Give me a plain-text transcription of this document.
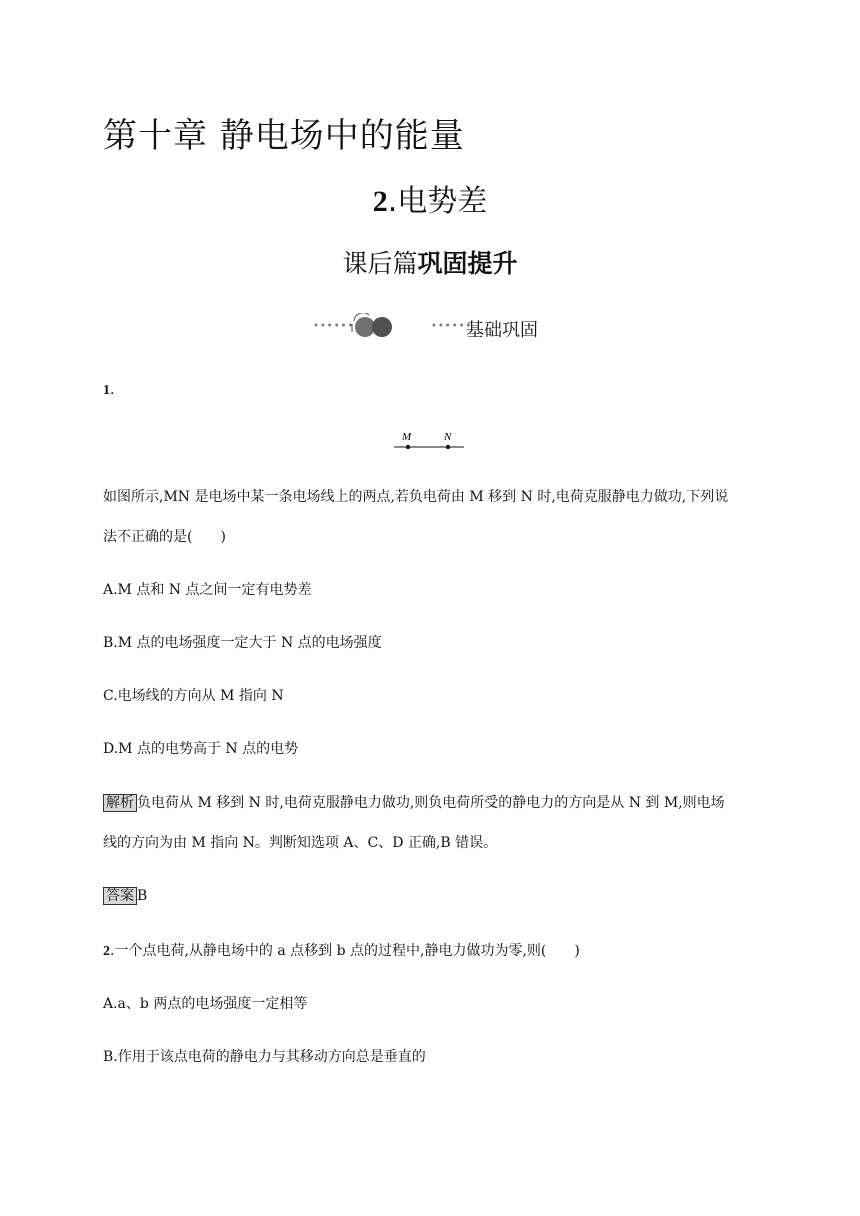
第十章 静电场中的能量
2.电势差
课后篇巩固提升
••••••	••••••
基础巩固
1.
M	N
如图所示,MN 是电场中某一条电场线上的两点,若负电荷由 M 移到 N 时,电荷克服静电力做功,下列说
法不正确的是(　　)
A.M 点和 N 点之间一定有电势差
B.M 点的电场强度一定大于 N 点的电场强度
C.电场线的方向从 M 指向 N
D.M 点的电势高于 N 点的电势
解析 负电荷从 M 移到 N 时,电荷克服静电力做功,则负电荷所受的静电力的方向是从 N 到 M,则电场
线的方向为由 M 指向 N。判断知选项 A、C、D 正确,B 错误。
答案 B
2.一个点电荷,从静电场中的 a 点移到 b 点的过程中,静电力做功为零,则(　　)
A.a、b 两点的电场强度一定相等
B.作用于该点电荷的静电力与其移动方向总是垂直的
